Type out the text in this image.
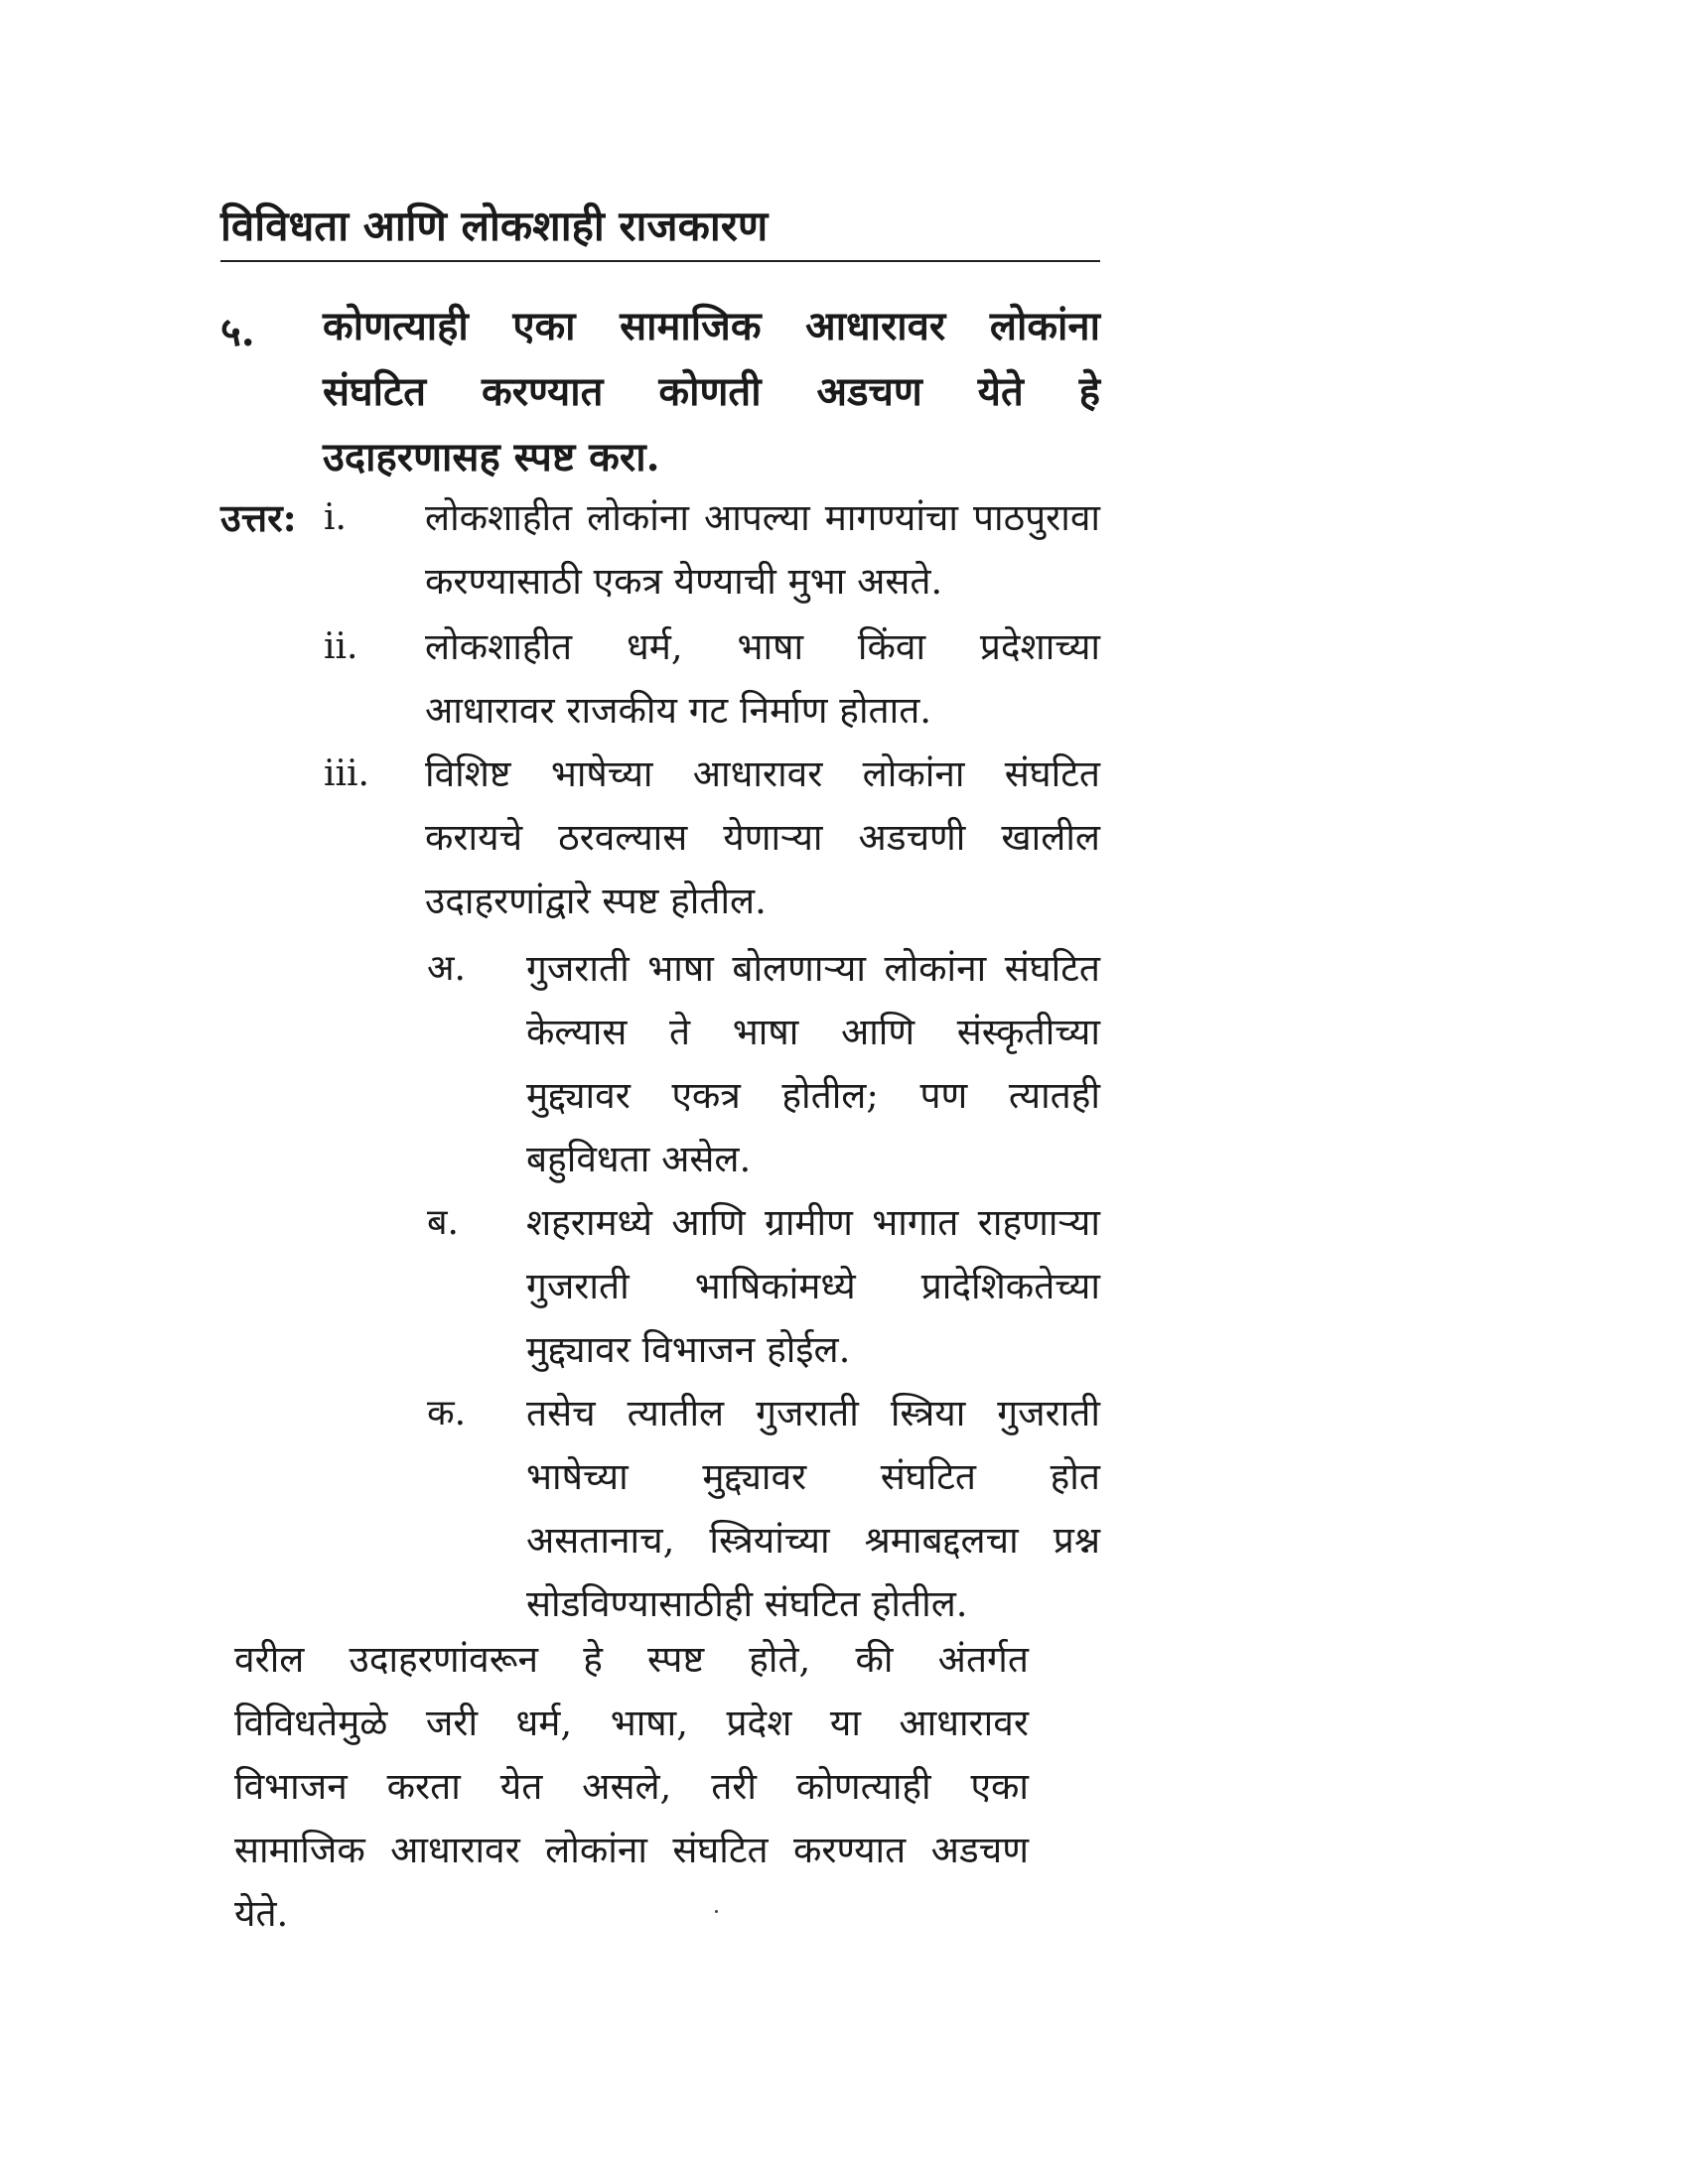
विविधता आणि लोकशाही राजकारण
५. कोणत्याही एका सामाजिक आधारावर लोकांना
संघटित करण्यात कोणती अडचण येते हे
उदाहरणासह स्पष्ट करा.
उत्तर: i. लोकशाहीत लोकांना आपल्या मागण्यांचा पाठपुरावा
करण्यासाठी एकत्र येण्याची मुभा असते.
ii. लोकशाहीत धर्म, भाषा किंवा प्रदेशाच्या
आधारावर राजकीय गट निर्माण होतात.
iii. विशिष्ट भाषेच्या आधारावर लोकांना संघटित
करायचे ठरवल्यास येणाऱ्या अडचणी खालील
उदाहरणांद्वारे स्पष्ट होतील.
अ. गुजराती भाषा बोलणाऱ्या लोकांना संघटित
केल्यास ते भाषा आणि संस्कृतीच्या
मुद्द्यावर एकत्र होतील; पण त्यातही
बहुविधता असेल.
ब. शहरामध्ये आणि ग्रामीण भागात राहणाऱ्या
गुजराती भाषिकांमध्ये प्रादेशिकतेच्या
मुद्द्यावर विभाजन होईल.
क. तसेच त्यातील गुजराती स्त्रिया गुजराती
भाषेच्या मुद्द्यावर संघटित होत
असतानाच, स्त्रियांच्या श्रमाबद्दलचा प्रश्न
सोडविण्यासाठीही संघटित होतील.
वरील उदाहरणांवरून हे स्पष्ट होते, की अंतर्गत
विविधतेमुळे जरी धर्म, भाषा, प्रदेश या आधारावर
विभाजन करता येत असले, तरी कोणत्याही एका
सामाजिक आधारावर लोकांना संघटित करण्यात अडचण
येते.
